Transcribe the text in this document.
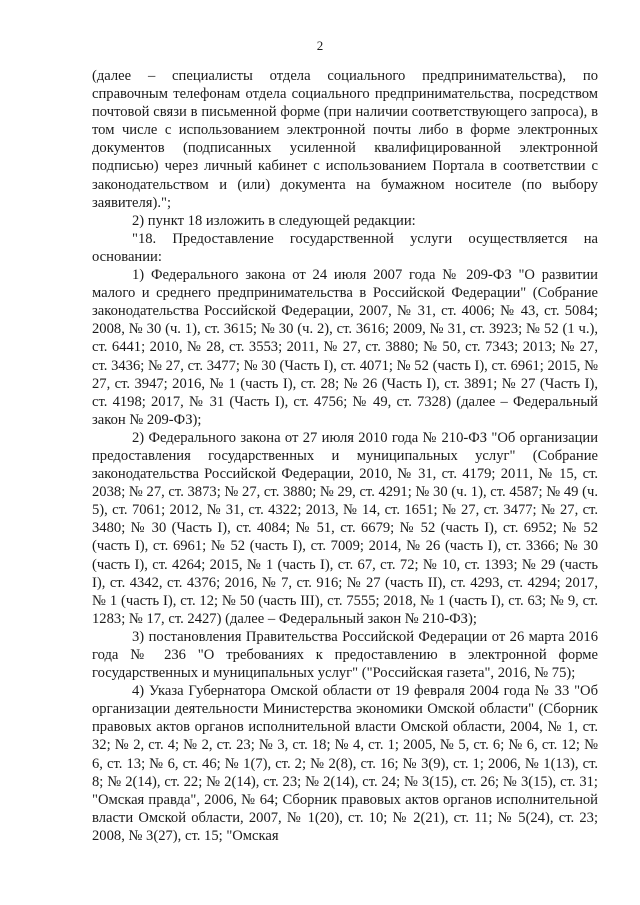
2

(далее – специалисты отдела социального предпринимательства), по справочным телефонам отдела социального предпринимательства, посредством почтовой связи в письменной форме (при наличии соответствующего запроса), в том числе с использованием электронной почты либо в форме электронных документов (подписанных усиленной квалифицированной электронной подписью) через личный кабинет с использованием Портала в соответствии с законодательством и (или) документа на бумажном носителе (по выбору заявителя).";

2) пункт 18 изложить в следующей редакции:

"18. Предоставление государственной услуги осуществляется на основании:

1) Федерального закона от 24 июля 2007 года № 209-ФЗ "О развитии малого и среднего предпринимательства в Российской Федерации" (Собрание законодательства Российской Федерации, 2007, № 31, ст. 4006; № 43, ст. 5084; 2008, № 30 (ч. 1), ст. 3615; № 30 (ч. 2), ст. 3616; 2009, № 31, ст. 3923; № 52 (1 ч.), ст. 6441; 2010, № 28, ст. 3553; 2011, № 27, ст. 3880; № 50, ст. 7343; 2013; № 27, ст. 3436; № 27, ст. 3477; № 30 (Часть I), ст. 4071; № 52 (часть I), ст. 6961; 2015, № 27, ст. 3947; 2016, № 1 (часть I), ст. 28; № 26 (Часть I), ст. 3891; № 27 (Часть I), ст. 4198; 2017, № 31 (Часть I), ст. 4756; № 49, ст. 7328) (далее – Федеральный закон № 209-ФЗ);

2) Федерального закона от 27 июля 2010 года № 210-ФЗ "Об организации предоставления государственных и муниципальных услуг" (Собрание законодательства Российской Федерации, 2010, № 31, ст. 4179; 2011, № 15, ст. 2038; № 27, ст. 3873; № 27, ст. 3880; № 29, ст. 4291; № 30 (ч. 1), ст. 4587; № 49 (ч. 5), ст. 7061; 2012, № 31, ст. 4322; 2013, № 14, ст. 1651; № 27, ст. 3477; № 27, ст. 3480; № 30 (Часть I), ст. 4084; № 51, ст. 6679; № 52 (часть I), ст. 6952; № 52 (часть I), ст. 6961; № 52 (часть I), ст. 7009; 2014, № 26 (часть I), ст. 3366; № 30 (часть I), ст. 4264; 2015, № 1 (часть I), ст. 67, ст. 72; № 10, ст. 1393; № 29 (часть I), ст. 4342, ст. 4376; 2016, № 7, ст. 916; № 27 (часть II), ст. 4293, ст. 4294; 2017, № 1 (часть I), ст. 12; № 50 (часть III), ст. 7555; 2018, № 1 (часть I), ст. 63; № 9, ст. 1283; № 17, ст. 2427) (далее – Федеральный закон № 210-ФЗ);

3) постановления Правительства Российской Федерации от 26 марта 2016 года № 236 "О требованиях к предоставлению в электронной форме государственных и муниципальных услуг" ("Российская газета", 2016, № 75);

4) Указа Губернатора Омской области от 19 февраля 2004 года № 33 "Об организации деятельности Министерства экономики Омской области" (Сборник правовых актов органов исполнительной власти Омской области, 2004, № 1, ст. 32; № 2, ст. 4; № 2, ст. 23; № 3, ст. 18; № 4, ст. 1; 2005, № 5, ст. 6; № 6, ст. 12; № 6, ст. 13; № 6, ст. 46; № 1(7), ст. 2; № 2(8), ст. 16; № 3(9), ст. 1; 2006, № 1(13), ст. 8; № 2(14), ст. 22; № 2(14), ст. 23; № 2(14), ст. 24; № 3(15), ст. 26; № 3(15), ст. 31; "Омская правда", 2006, № 64; Сборник правовых актов органов исполнительной власти Омской области, 2007, № 1(20), ст. 10; № 2(21), ст. 11; № 5(24), ст. 23; 2008, № 3(27), ст. 15; "Омская
